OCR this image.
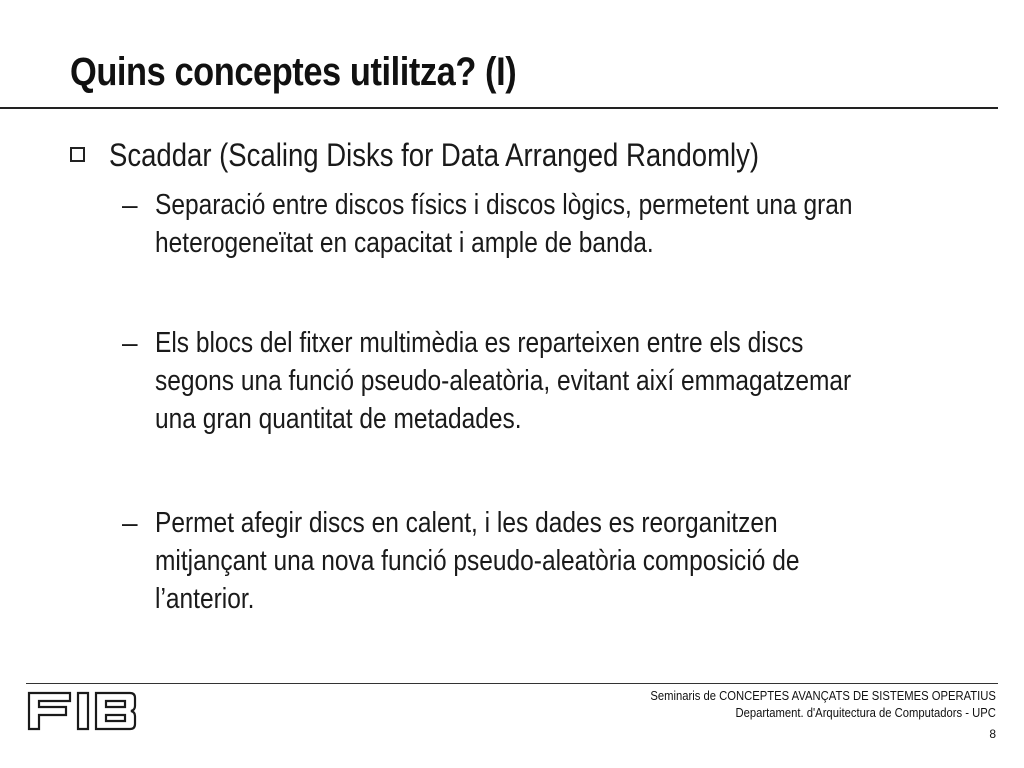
Quins conceptes utilitza? (I)
Scaddar (Scaling Disks for Data Arranged Randomly)
– Separació entre discos físics i discos lògics, permetent una gran
heterogeneïtat en capacitat i ample de banda.
– Els blocs del fitxer multimèdia es reparteixen entre els discs
segons una funció pseudo-aleatòria, evitant així emmagatzemar
una gran quantitat de metadades.
– Permet afegir discs en calent, i les dades es reorganitzen
mitjançant una nova funció pseudo-aleatòria composició de
l’anterior.
Seminaris de CONCEPTES AVANÇATS DE SISTEMES OPERATIUS
Departament. d'Arquitectura de Computadors - UPC
8
